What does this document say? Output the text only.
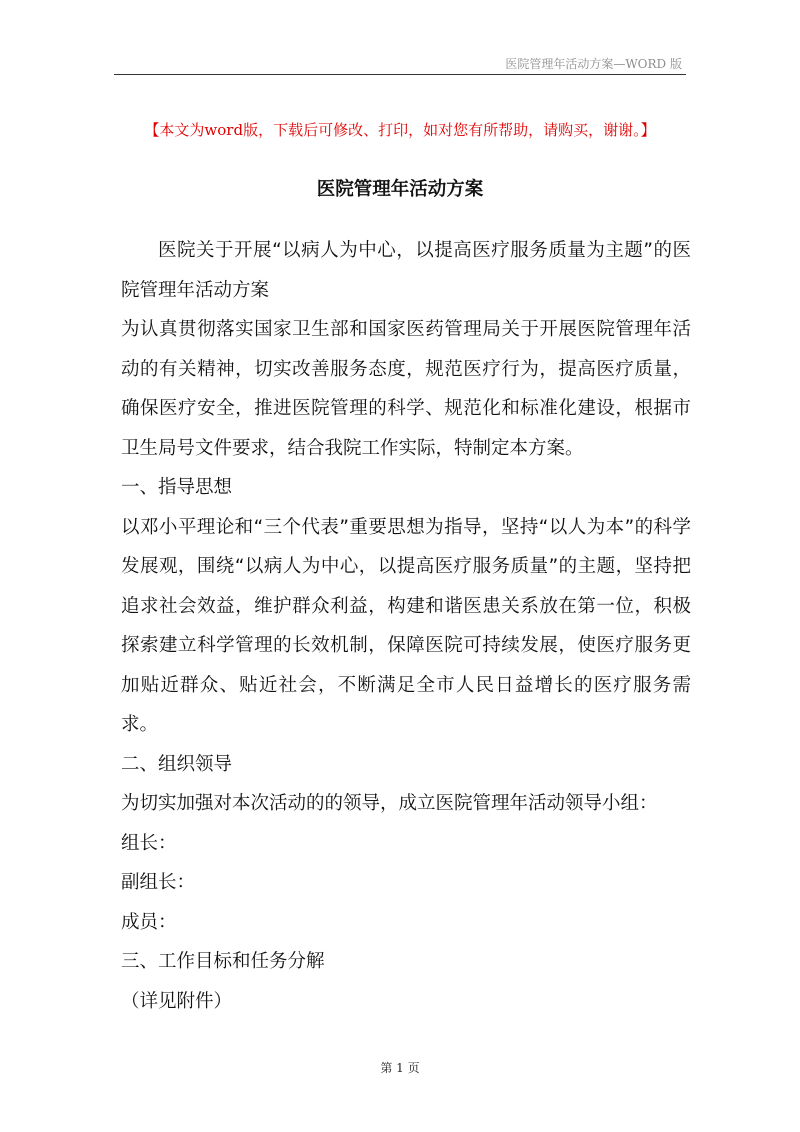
医院管理年活动方案—WORD 版
【本文为word版，下载后可修改、打印，如对您有所帮助，请购买，谢谢。】
医院管理年活动方案

医院关于开展“以病人为中心，以提高医疗服务质量为主题”的医院管理年活动方案

为认真贯彻落实国家卫生部和国家医药管理局关于开展医院管理年活动的有关精神，切实改善服务态度，规范医疗行为，提高医疗质量，确保医疗安全，推进医院管理的科学、规范化和标准化建设，根据市卫生局号文件要求，结合我院工作实际，特制定本方案。

一、指导思想

以邓小平理论和“三个代表”重要思想为指导，坚持“以人为本”的科学发展观，围绕“以病人为中心，以提高医疗服务质量”的主题，坚持把追求社会效益，维护群众利益，构建和谐医患关系放在第一位，积极探索建立科学管理的长效机制，保障医院可持续发展，使医疗服务更加贴近群众、贴近社会，不断满足全市人民日益增长的医疗服务需求。

二、组织领导

为切实加强对本次活动的的领导，成立医院管理年活动领导小组：

组长：

副组长：

成员：

三、工作目标和任务分解

（详见附件）

第 1 页
